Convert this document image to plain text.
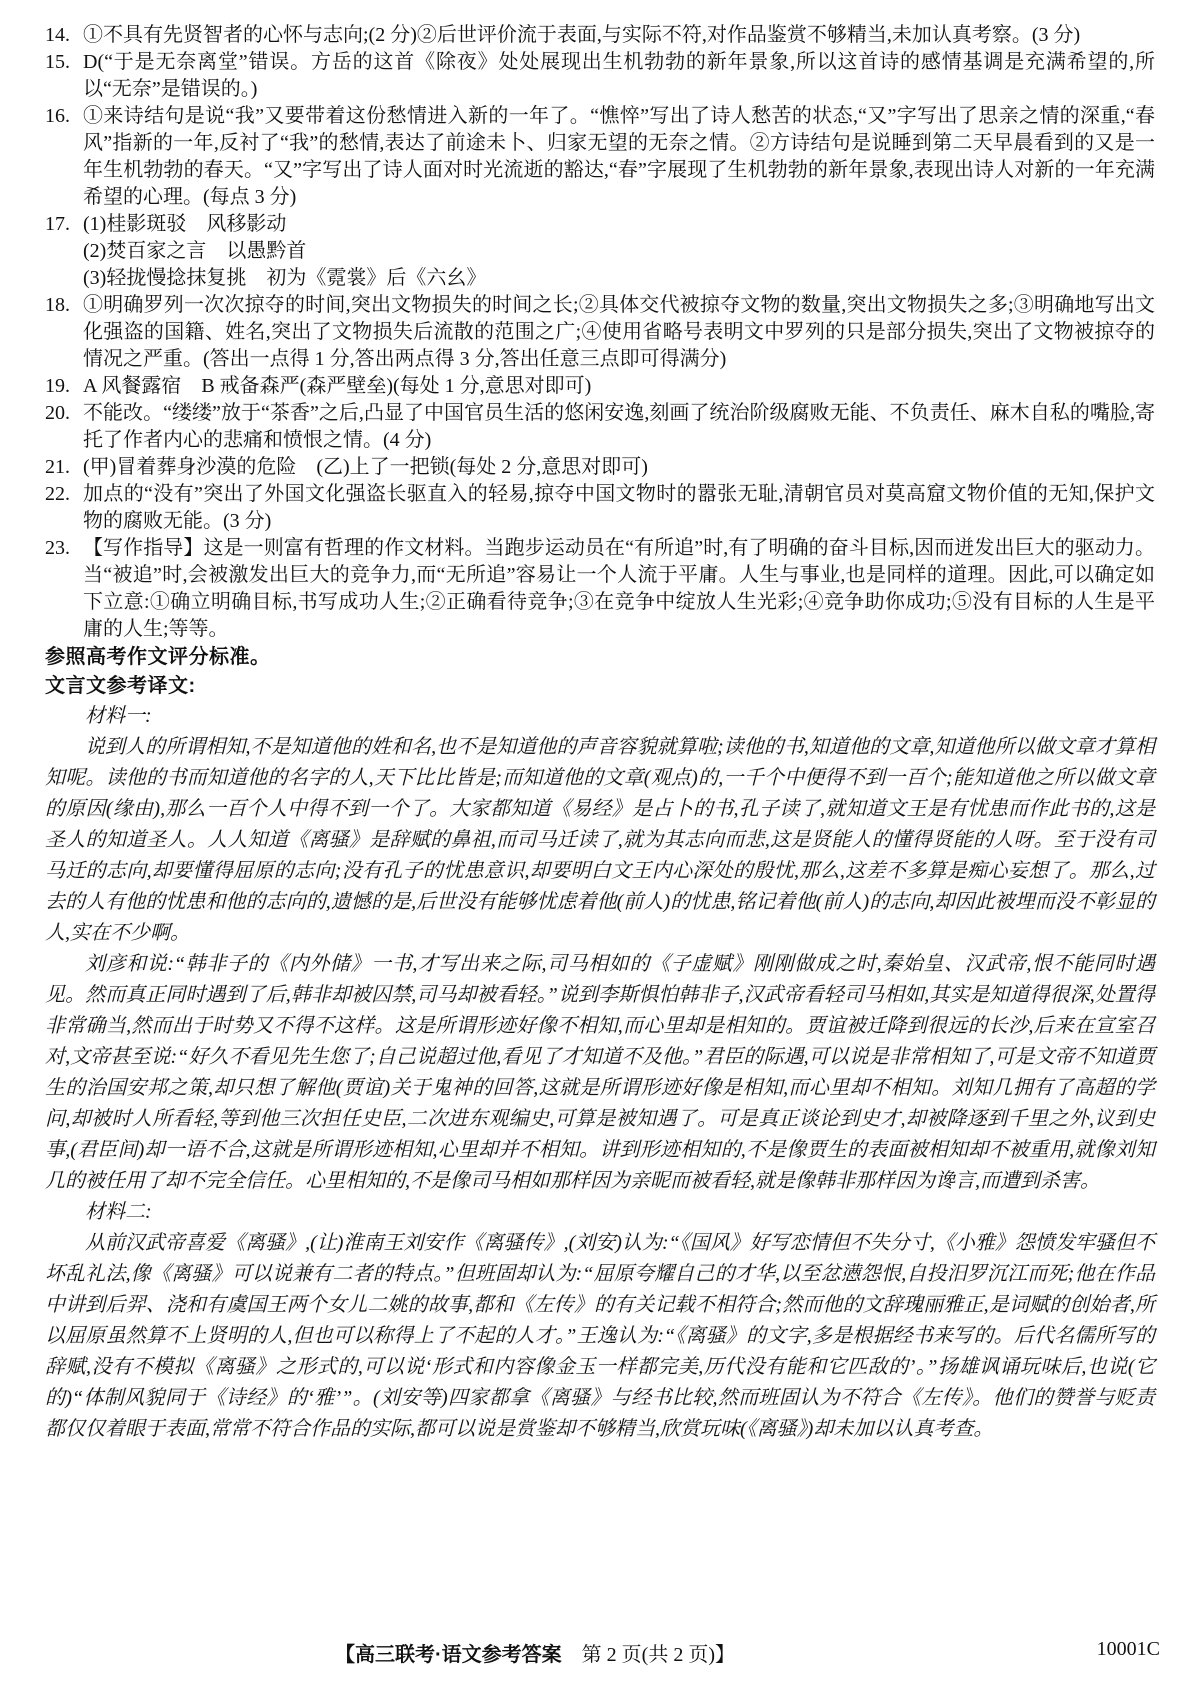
14. ①不具有先贤智者的心怀与志向;(2 分)②后世评价流于表面,与实际不符,对作品鉴赏不够精当,未加认真考察。(3 分)
15. D(“于是无奈离堂”错误。方岳的这首《除夜》处处展现出生机勃勃的新年景象,所以这首诗的感情基调是充满希望的,所以“无奈”是错误的。)
16. ①来诗结句是说“我”又要带着这份愁情进入新的一年了。“憔悴”写出了诗人愁苦的状态,“又”字写出了思亲之情的深重,“春风”指新的一年,反衬了“我”的愁情,表达了前途未卜、归家无望的无奈之情。②方诗结句是说睡到第二天早晨看到的又是一年生机勃勃的春天。“又”字写出了诗人面对时光流逝的豁达,“春”字展现了生机勃勃的新年景象,表现出诗人对新的一年充满希望的心理。(每点 3 分)
17. (1)桂影斑驳　风移影动
(2)焚百家之言　以愚黔首
(3)轻拢慢捻抹复挑　初为《霓裳》后《六幺》
18. ①明确罗列一次次掠夺的时间,突出文物损失的时间之长;②具体交代被掠夺文物的数量,突出文物损失之多;③明确地写出文化强盗的国籍、姓名,突出了文物损失后流散的范围之广;④使用省略号表明文中罗列的只是部分损失,突出了文物被掠夺的情况之严重。(答出一点得 1 分,答出两点得 3 分,答出任意三点即可得满分)
19. A 风餐露宿　B 戒备森严(森严壁垒)(每处 1 分,意思对即可)
20. 不能改。“缕缕”放于“茶香”之后,凸显了中国官员生活的悠闲安逸,刻画了统治阶级腐败无能、不负责任、麻木自私的嘴脸,寄托了作者内心的悲痛和愤恨之情。(4 分)
21. (甲)冒着葬身沙漠的危险　(乙)上了一把锁(每处 2 分,意思对即可)
22. 加点的“没有”突出了外国文化强盗长驱直入的轻易,掠夺中国文物时的嚣张无耻,清朝官员对莫高窟文物价值的无知,保护文物的腐败无能。(3 分)
23. 【写作指导】这是一则富有哲理的作文材料。当跑步运动员在“有所追”时,有了明确的奋斗目标,因而迸发出巨大的驱动力。当“被追”时,会被激发出巨大的竞争力,而“无所追”容易让一个人流于平庸。人生与事业,也是同样的道理。因此,可以确定如下立意:①确立明确目标,书写成功人生;②正确看待竞争;③在竞争中绽放人生光彩;④竞争助你成功;⑤没有目标的人生是平庸的人生;等等。

参照高考作文评分标准。

文言文参考译文:

材料一:

说到人的所谓相知,不是知道他的姓和名,也不是知道他的声音容貌就算啦;读他的书,知道他的文章,知道他所以做文章才算相知呢。读他的书而知道他的名字的人,天下比比皆是;而知道他的文章(观点)的,一千个中便得不到一百个;能知道他之所以做文章的原因(缘由),那么一百个人中得不到一个了。大家都知道《易经》是占卜的书,孔子读了,就知道文王是有忧患而作此书的,这是圣人的知道圣人。人人知道《离骚》是辞赋的鼻祖,而司马迁读了,就为其志向而悲,这是贤能人的懂得贤能的人呀。至于没有司马迁的志向,却要懂得屈原的志向;没有孔子的忧患意识,却要明白文王内心深处的殷忧,那么,这差不多算是痴心妄想了。那么,过去的人有他的忧患和他的志向的,遗憾的是,后世没有能够忧虑着他(前人)的忧患,铭记着他(前人)的志向,却因此被埋而没不彰显的人,实在不少啊。

刘彦和说:“韩非子的《内外储》一书,才写出来之际,司马相如的《子虚赋》刚刚做成之时,秦始皇、汉武帝,恨不能同时遇见。然而真正同时遇到了后,韩非却被囚禁,司马却被看轻。”说到李斯惧怕韩非子,汉武帝看轻司马相如,其实是知道得很深,处置得非常确当,然而出于时势又不得不这样。这是所谓形迹好像不相知,而心里却是相知的。贾谊被迁降到很远的长沙,后来在宣室召对,文帝甚至说:“好久不看见先生您了;自己说超过他,看见了才知道不及他。”君臣的际遇,可以说是非常相知了,可是文帝不知道贾生的治国安邦之策,却只想了解他(贾谊)关于鬼神的回答,这就是所谓形迹好像是相知,而心里却不相知。刘知几拥有了高超的学问,却被时人所看轻,等到他三次担任史臣,二次进东观编史,可算是被知遇了。可是真正谈论到史才,却被降逐到千里之外,议到史事,(君臣间)却一语不合,这就是所谓形迹相知,心里却并不相知。讲到形迹相知的,不是像贾生的表面被相知却不被重用,就像刘知几的被任用了却不完全信任。心里相知的,不是像司马相如那样因为亲昵而被看轻,就是像韩非那样因为谗言,而遭到杀害。

材料二:

从前汉武帝喜爱《离骚》,(让)淮南王刘安作《离骚传》,(刘安)认为:“《国风》好写恋情但不失分寸,《小雅》怨愤发牢骚但不坏乱礼法,像《离骚》可以说兼有二者的特点。”但班固却认为:“屈原夸耀自己的才华,以至忿懑怨恨,自投汨罗沉江而死;他在作品中讲到后羿、浇和有虞国王两个女儿二姚的故事,都和《左传》的有关记载不相符合;然而他的文辞瑰丽雅正,是词赋的创始者,所以屈原虽然算不上贤明的人,但也可以称得上了不起的人才。”王逸认为:“《离骚》的文字,多是根据经书来写的。后代名儒所写的辞赋,没有不模拟《离骚》之形式的,可以说‘形式和内容像金玉一样都完美,历代没有能和它匹敌的’。”扬雄讽诵玩味后,也说(它的)“体制风貌同于《诗经》的‘雅’”。(刘安等)四家都拿《离骚》与经书比较,然而班固认为不符合《左传》。他们的赞誉与贬责都仅仅着眼于表面,常常不符合作品的实际,都可以说是赏鉴却不够精当,欣赏玩味(《离骚》)却未加以认真考查。

【高三联考·语文参考答案　第 2 页(共 2 页)】	10001C
